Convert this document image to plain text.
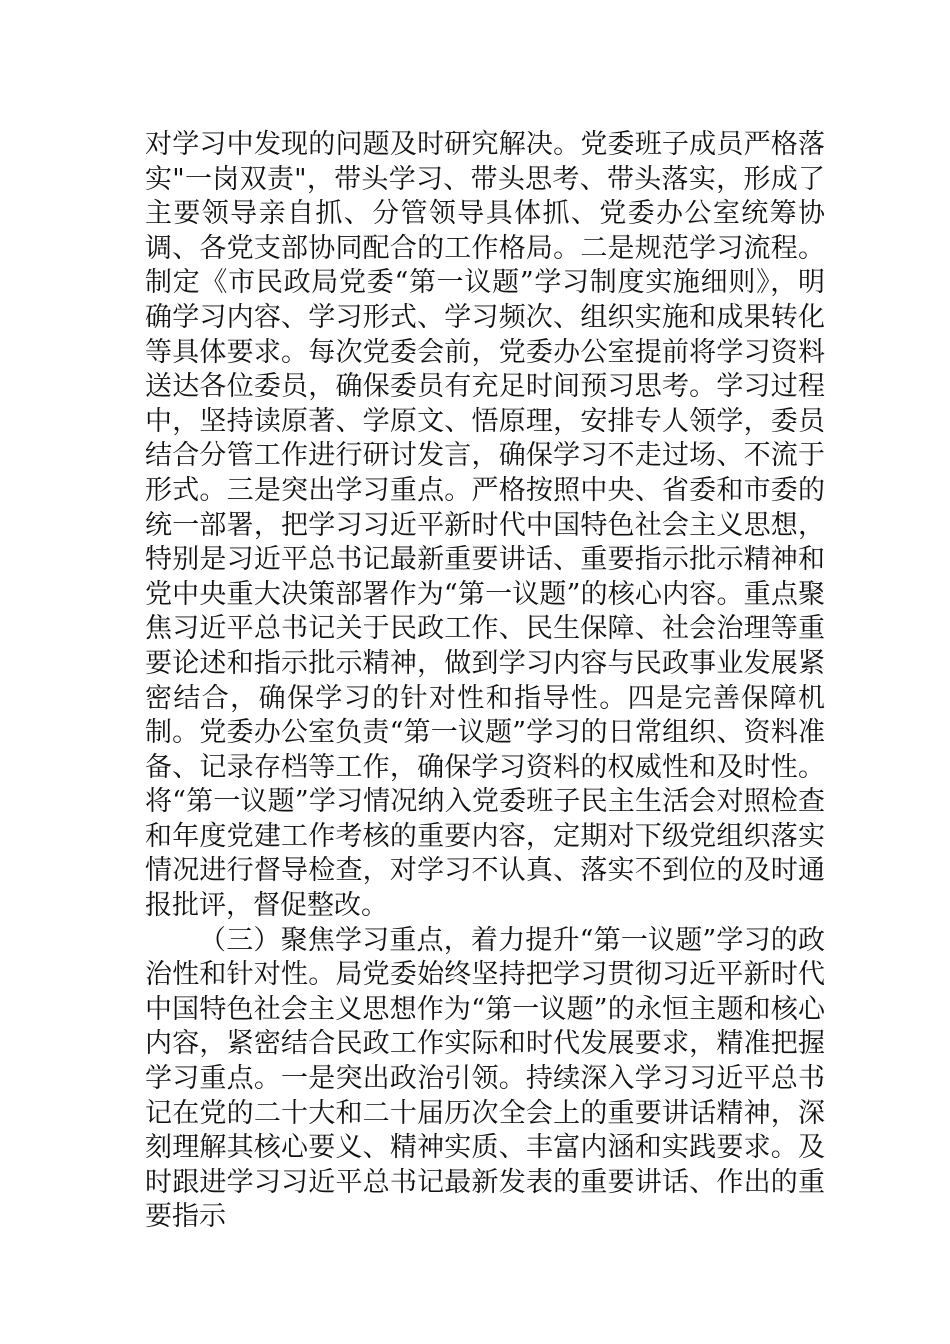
对学习中发现的问题及时研究解决。党委班子成员严格落实"一岗双责"，带头学习、带头思考、带头落实，形成了主要领导亲自抓、分管领导具体抓、党委办公室统筹协调、各党支部协同配合的工作格局。二是规范学习流程。制定《市民政局党委“第一议题”学习制度实施细则》，明确学习内容、学习形式、学习频次、组织实施和成果转化等具体要求。每次党委会前，党委办公室提前将学习资料送达各位委员，确保委员有充足时间预习思考。学习过程中，坚持读原著、学原文、悟原理，安排专人领学，委员结合分管工作进行研讨发言，确保学习不走过场、不流于形式。三是突出学习重点。严格按照中央、省委和市委的统一部署，把学习习近平新时代中国特色社会主义思想，特别是习近平总书记最新重要讲话、重要指示批示精神和党中央重大决策部署作为“第一议题”的核心内容。重点聚焦习近平总书记关于民政工作、民生保障、社会治理等重要论述和指示批示精神，做到学习内容与民政事业发展紧密结合，确保学习的针对性和指导性。四是完善保障机制。党委办公室负责“第一议题”学习的日常组织、资料准备、记录存档等工作，确保学习资料的权威性和及时性。将“第一议题”学习情况纳入党委班子民主生活会对照检查和年度党建工作考核的重要内容，定期对下级党组织落实情况进行督导检查，对学习不认真、落实不到位的及时通报批评，督促整改。

（三）聚焦学习重点，着力提升“第一议题”学习的政治性和针对性。局党委始终坚持把学习贯彻习近平新时代中国特色社会主义思想作为“第一议题”的永恒主题和核心内容，紧密结合民政工作实际和时代发展要求，精准把握学习重点。一是突出政治引领。持续深入学习习近平总书记在党的二十大和二十届历次全会上的重要讲话精神，深刻理解其核心要义、精神实质、丰富内涵和实践要求。及时跟进学习习近平总书记最新发表的重要讲话、作出的重要指示
